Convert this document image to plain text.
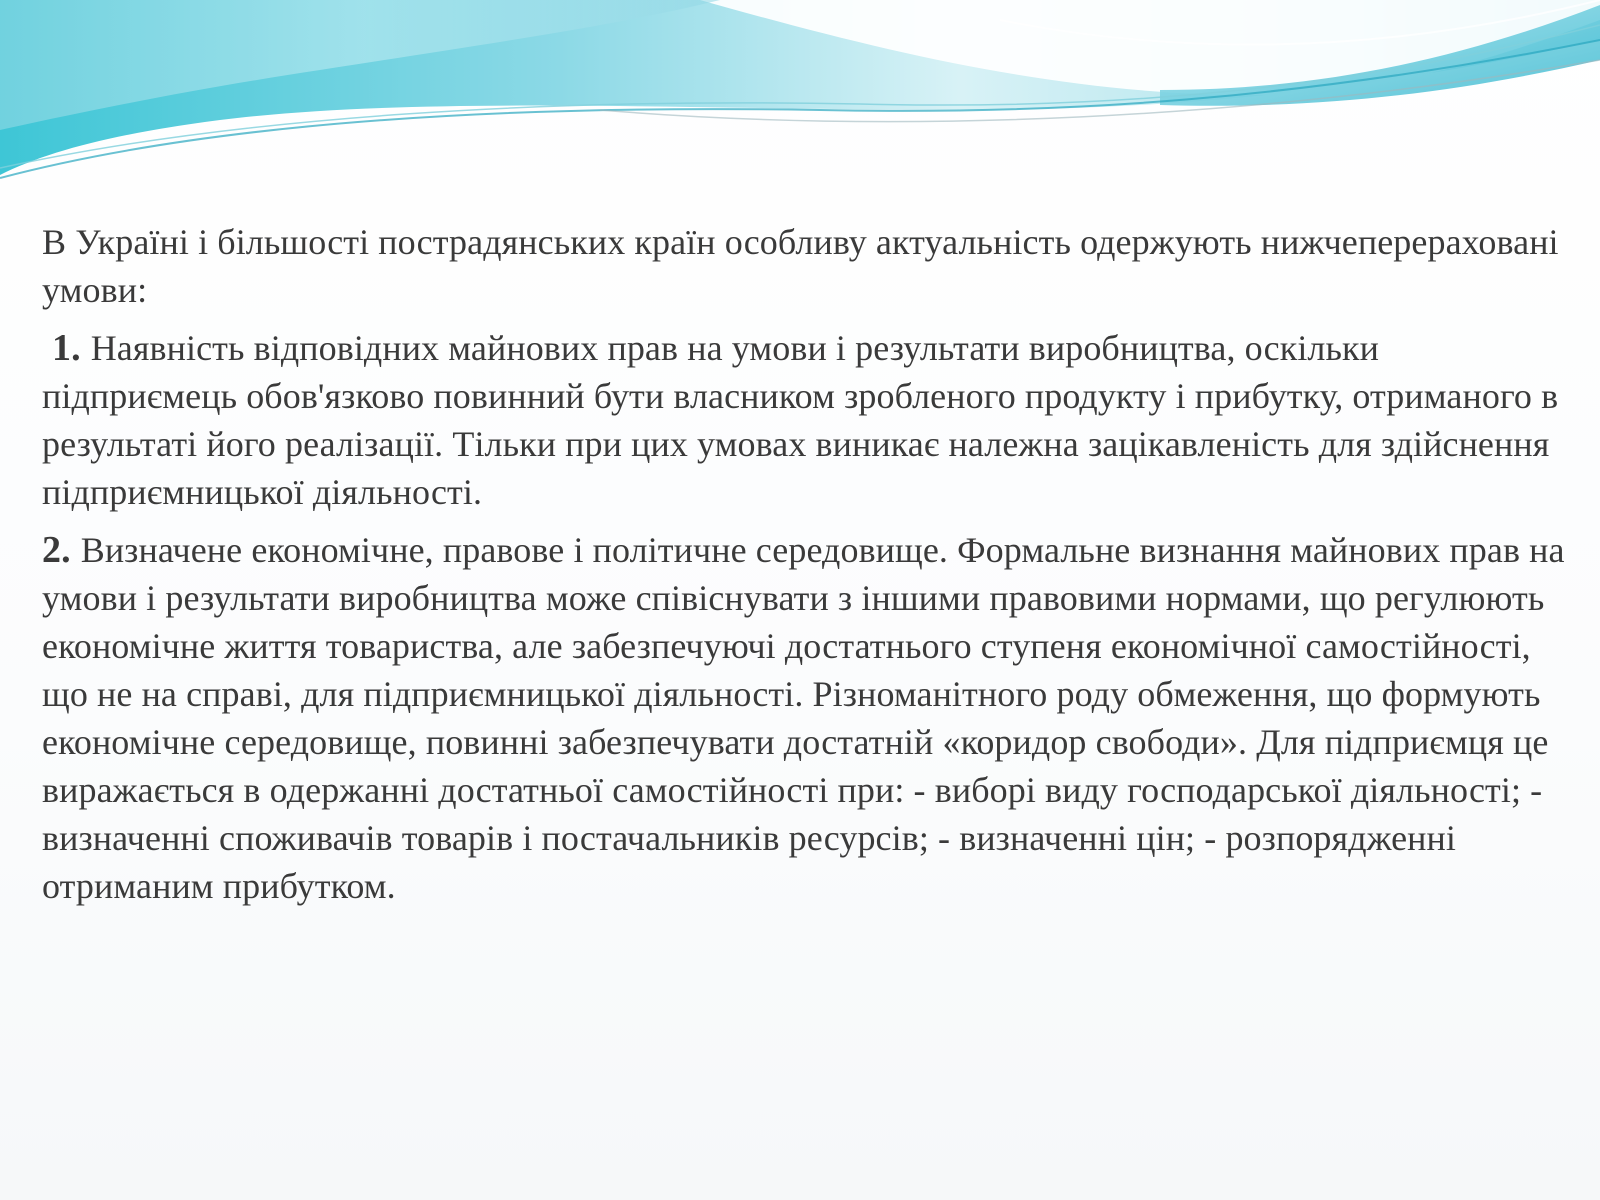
В Україні і більшості пострадянських країн особливу актуальність одержують нижчеперераховані умови:

1. Наявність відповідних майнових прав на умови і результати виробництва, оскільки підприємець обов'язково повинний бути власником зробленого продукту і прибутку, отриманого в результаті його реалізації. Тільки при цих умовах виникає належна зацікавленість для здійснення підприємницької діяльності.

2. Визначене економічне, правове і політичне середовище. Формальне визнання майнових прав на умови і результати виробництва може співіснувати з іншими правовими нормами, що регулюють економічне життя товариства, але забезпечуючі достатнього ступеня економічної самостійності, що не на справі, для підприємницької діяльності. Різноманітного роду обмеження, що формують економічне середовище, повинні забезпечувати достатній «коридор свободи». Для підприємця це виражається в одержанні достатньої самостійності при: - виборі виду господарської діяльності; - визначенні споживачів товарів і постачальників ресурсів; - визначенні цін; - розпорядженні отриманим прибутком.
